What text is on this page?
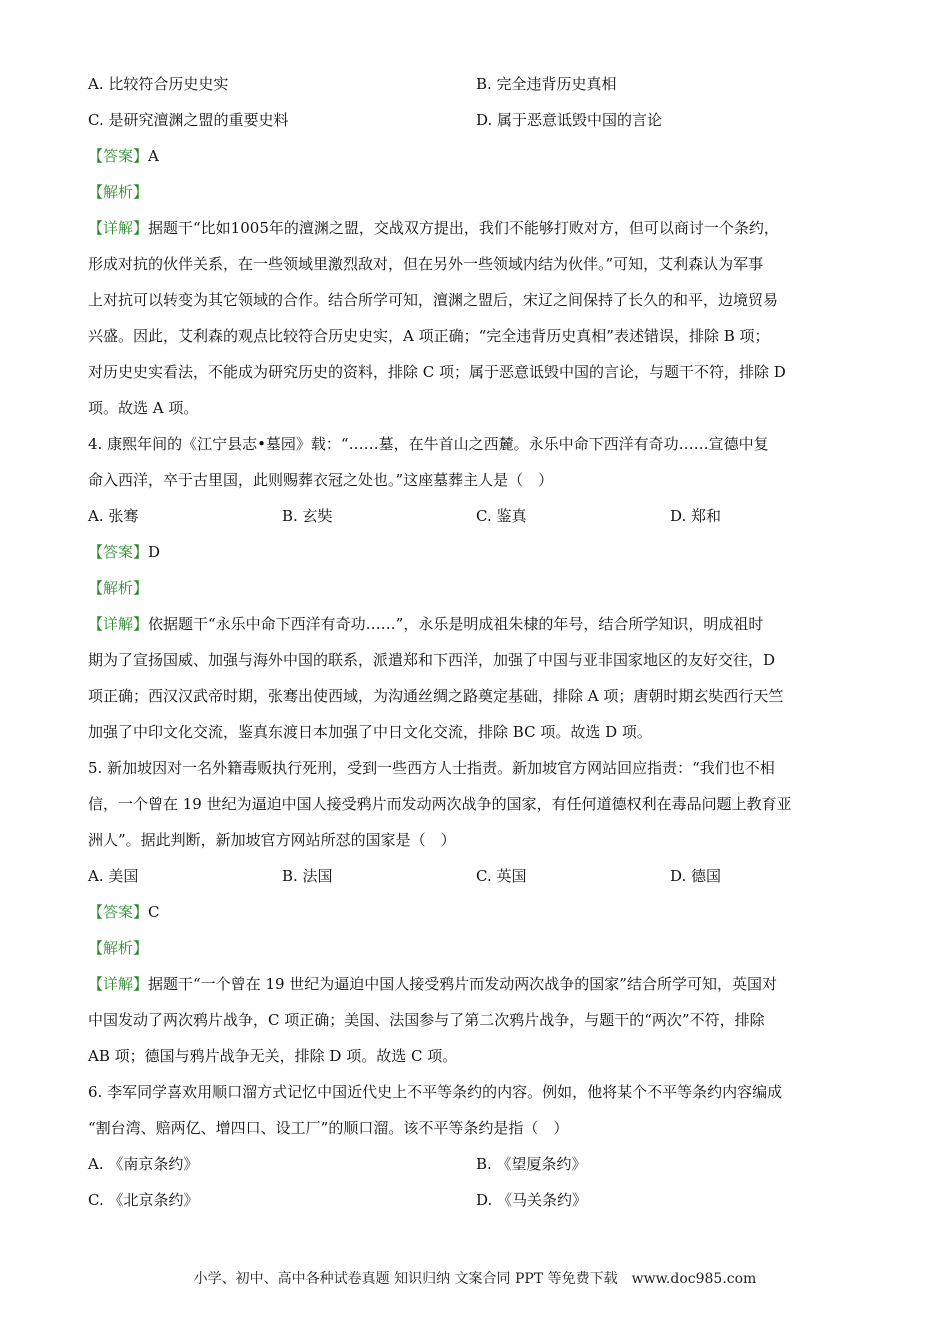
A. 比较符合历史史实	B. 完全违背历史真相
C. 是研究澶渊之盟的重要史料	D. 属于恶意诋毁中国的言论
【答案】A
【解析】
【详解】据题干“比如1005年的澶渊之盟，交战双方提出，我们不能够打败对方，但可以商讨一个条约，
形成对抗的伙伴关系，在一些领域里激烈敌对，但在另外一些领域内结为伙伴。”可知，艾利森认为军事
上对抗可以转变为其它领域的合作。结合所学可知，澶渊之盟后，宋辽之间保持了长久的和平，边境贸易
兴盛。因此，艾利森的观点比较符合历史史实，A 项正确；“完全违背历史真相”表述错误，排除 B 项；
对历史史实看法，不能成为研究历史的资料，排除 C 项；属于恶意诋毁中国的言论，与题干不符，排除 D
项。故选 A 项。
4. 康熙年间的《江宁县志•墓园》载：“……墓，在牛首山之西麓。永乐中命下西洋有奇功……宣德中复
命入西洋，卒于古里国，此则赐葬衣冠之处也。”这座墓葬主人是（　）
A. 张骞	B. 玄奘	C. 鉴真	D. 郑和
【答案】D
【解析】
【详解】依据题干“永乐中命下西洋有奇功……”，永乐是明成祖朱棣的年号，结合所学知识，明成祖时
期为了宣扬国威、加强与海外中国的联系，派遣郑和下西洋，加强了中国与亚非国家地区的友好交往，D
项正确；西汉汉武帝时期，张骞出使西域，为沟通丝绸之路奠定基础，排除 A 项；唐朝时期玄奘西行天竺
加强了中印文化交流，鉴真东渡日本加强了中日文化交流，排除 BC 项。故选 D 项。
5. 新加坡因对一名外籍毒贩执行死刑，受到一些西方人士指责。新加坡官方网站回应指责：“我们也不相
信，一个曾在 19 世纪为逼迫中国人接受鸦片而发动两次战争的国家，有任何道德权利在毒品问题上教育亚
洲人”。据此判断，新加坡官方网站所怼的国家是（　）
A. 美国	B. 法国	C. 英国	D. 德国
【答案】C
【解析】
【详解】据题干“一个曾在 19 世纪为逼迫中国人接受鸦片而发动两次战争的国家”结合所学可知，英国对
中国发动了两次鸦片战争，C 项正确；美国、法国参与了第二次鸦片战争，与题干的“两次”不符，排除
AB 项；德国与鸦片战争无关，排除 D 项。故选 C 项。
6. 李军同学喜欢用顺口溜方式记忆中国近代史上不平等条约的内容。例如，他将某个不平等条约内容编成
“割台湾、赔两亿、增四口、设工厂”的顺口溜。该不平等条约是指（　）
A. 《南京条约》	B. 《望厦条约》
C. 《北京条约》	D. 《马关条约》
小学、初中、高中各种试卷真题 知识归纳 文案合同 PPT 等免费下载 www.doc985.com
